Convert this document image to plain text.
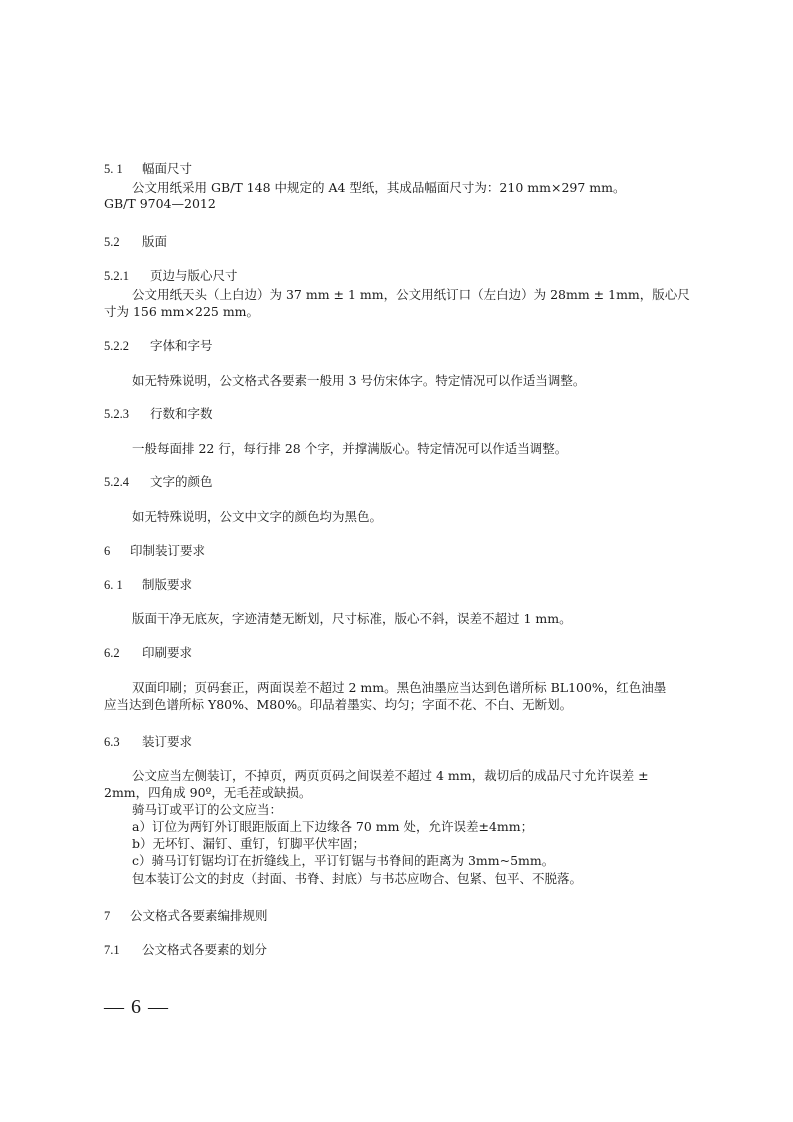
5. 1 幅面尺寸
公文用纸采用 GB/T 148 中规定的 A4 型纸，其成品幅面尺寸为：210 mm×297 mm。
GB/T 9704—2012
5.2 版面
5.2.1 页边与版心尺寸
公文用纸天头（上白边）为 37 mm ± 1 mm，公文用纸订口（左白边）为 28mm ± 1mm，版心尺
寸为 156 mm×225 mm。
5.2.2 字体和字号
如无特殊说明，公文格式各要素一般用 3 号仿宋体字。特定情况可以作适当调整。
5.2.3 行数和字数
一般每面排 22 行，每行排 28 个字，并撑满版心。特定情况可以作适当调整。
5.2.4 文字的颜色
如无特殊说明，公文中文字的颜色均为黑色。
6 印制装订要求
6. 1 制版要求
版面干净无底灰，字迹清楚无断划，尺寸标准，版心不斜，误差不超过 1 mm。
6.2 印刷要求
双面印刷；页码套正，两面误差不超过 2 mm。黑色油墨应当达到色谱所标 BL100%，红色油墨
应当达到色谱所标 Y80%、M80%。印品着墨实、均匀；字面不花、不白、无断划。
6.3 装订要求
公文应当左侧装订，不掉页，两页页码之间误差不超过 4 mm，裁切后的成品尺寸允许误差 ±
2mm，四角成 90º，无毛茬或缺损。
骑马订或平订的公文应当：
a）订位为两钉外订眼距版面上下边缘各 70 mm 处，允许误差±4mm；
b）无坏钉、漏钉、重钉，钉脚平伏牢固；
c）骑马订钉锯均订在折缝线上，平订钉锯与书脊间的距离为 3mm~5mm。
包本装订公文的封皮（封面、书脊、封底）与书芯应吻合、包紧、包平、不脱落。
7 公文格式各要素编排规则
7.1 公文格式各要素的划分
— 6 —
